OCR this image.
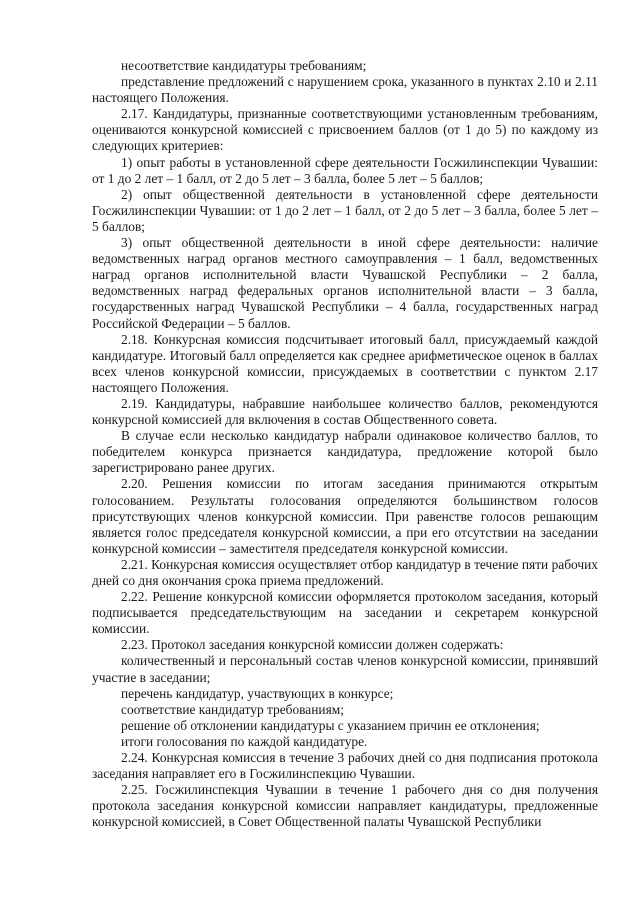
несоответствие кандидатуры требованиям;

представление предложений с нарушением срока, указанного в пунктах 2.10 и 2.11 настоящего Положения.

2.17. Кандидатуры, признанные соответствующими установленным требованиям, оцениваются конкурсной комиссией с присвоением баллов (от 1 до 5) по каждому из следующих критериев:

1) опыт работы в установленной сфере деятельности Госжилинспекции Чувашии: от 1 до 2 лет – 1 балл, от 2 до 5 лет – 3 балла, более 5 лет – 5 баллов;

2) опыт общественной деятельности в установленной сфере деятельности Госжилинспекции Чувашии: от 1 до 2 лет – 1 балл, от 2 до 5 лет – 3 балла, более 5 лет – 5 баллов;

3) опыт общественной деятельности в иной сфере деятельности: наличие ведомственных наград органов местного самоуправления – 1 балл, ведомственных наград органов исполнительной власти Чувашской Республики – 2 балла, ведомственных наград федеральных органов исполнительной власти – 3 балла, государственных наград Чувашской Республики – 4 балла, государственных наград Российской Федерации – 5 баллов.

2.18. Конкурсная комиссия подсчитывает итоговый балл, присуждаемый каждой кандидатуре. Итоговый балл определяется как среднее арифметическое оценок в баллах всех членов конкурсной комиссии, присуждаемых в соответствии с пунктом 2.17 настоящего Положения.

2.19. Кандидатуры, набравшие наибольшее количество баллов, рекомендуются конкурсной комиссией для включения в состав Общественного совета.

В случае если несколько кандидатур набрали одинаковое количество баллов, то победителем конкурса признается кандидатура, предложение которой было зарегистрировано ранее других.

2.20. Решения комиссии по итогам заседания принимаются открытым голосованием. Результаты голосования определяются большинством голосов присутствующих членов конкурсной комиссии. При равенстве голосов решающим является голос председателя конкурсной комиссии, а при его отсутствии на заседании конкурсной комиссии – заместителя председателя конкурсной комиссии.

2.21. Конкурсная комиссия осуществляет отбор кандидатур в течение пяти рабочих дней со дня окончания срока приема предложений.

2.22. Решение конкурсной комиссии оформляется протоколом заседания, который подписывается председательствующим на заседании и секретарем конкурсной комиссии.

2.23. Протокол заседания конкурсной комиссии должен содержать:

количественный и персональный состав членов конкурсной комиссии, принявший участие в заседании;

перечень кандидатур, участвующих в конкурсе;

соответствие кандидатур требованиям;

решение об отклонении кандидатуры с указанием причин ее отклонения;

итоги голосования по каждой кандидатуре.

2.24. Конкурсная комиссия в течение 3 рабочих дней со дня подписания протокола заседания направляет его в Госжилинспекцию Чувашии.

2.25. Госжилинспекция Чувашии в течение 1 рабочего дня со дня получения протокола заседания конкурсной комиссии направляет кандидатуры, предложенные конкурсной комиссией, в Совет Общественной палаты Чувашской Республики
